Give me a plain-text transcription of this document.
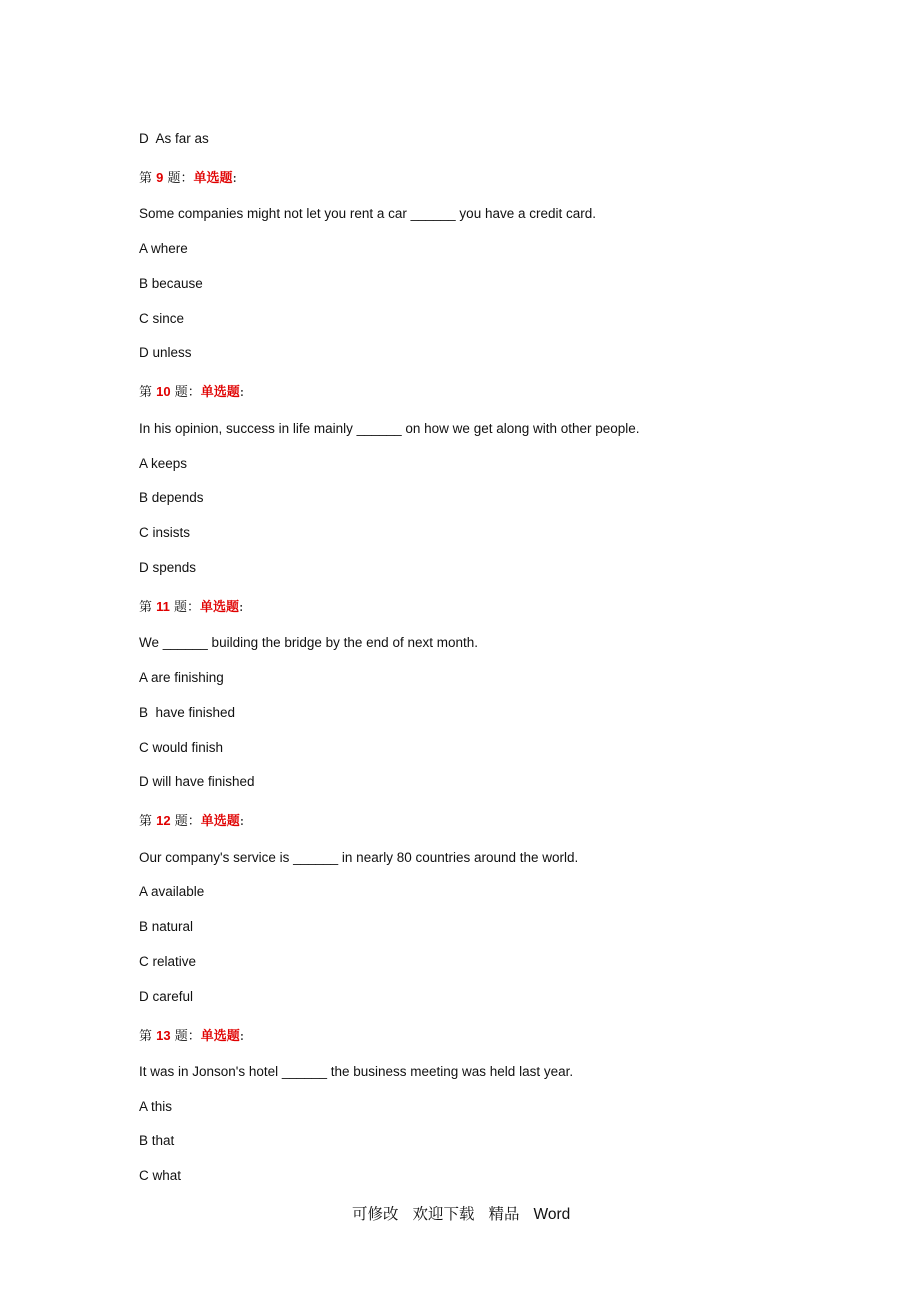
D  As far as
第 9 题：单选题:
Some companies might not let you rent a car ______ you have a credit card.
A where
B because
C since
D unless
第 10 题：单选题:
In his opinion, success in life mainly ______ on how we get along with other people.
A keeps
B depends
C insists
D spends
第 11 题：单选题:
We ______ building the bridge by the end of next month.
A are finishing
B  have finished
C would finish
D will have finished
第 12 题：单选题:
Our company's service is ______ in nearly 80 countries around the world.
A available
B natural
C relative
D careful
第 13 题：单选题:
It was in Jonson's hotel ______ the business meeting was held last year.
A this
B that
C what
可修改 欢迎下载 精品 Word
